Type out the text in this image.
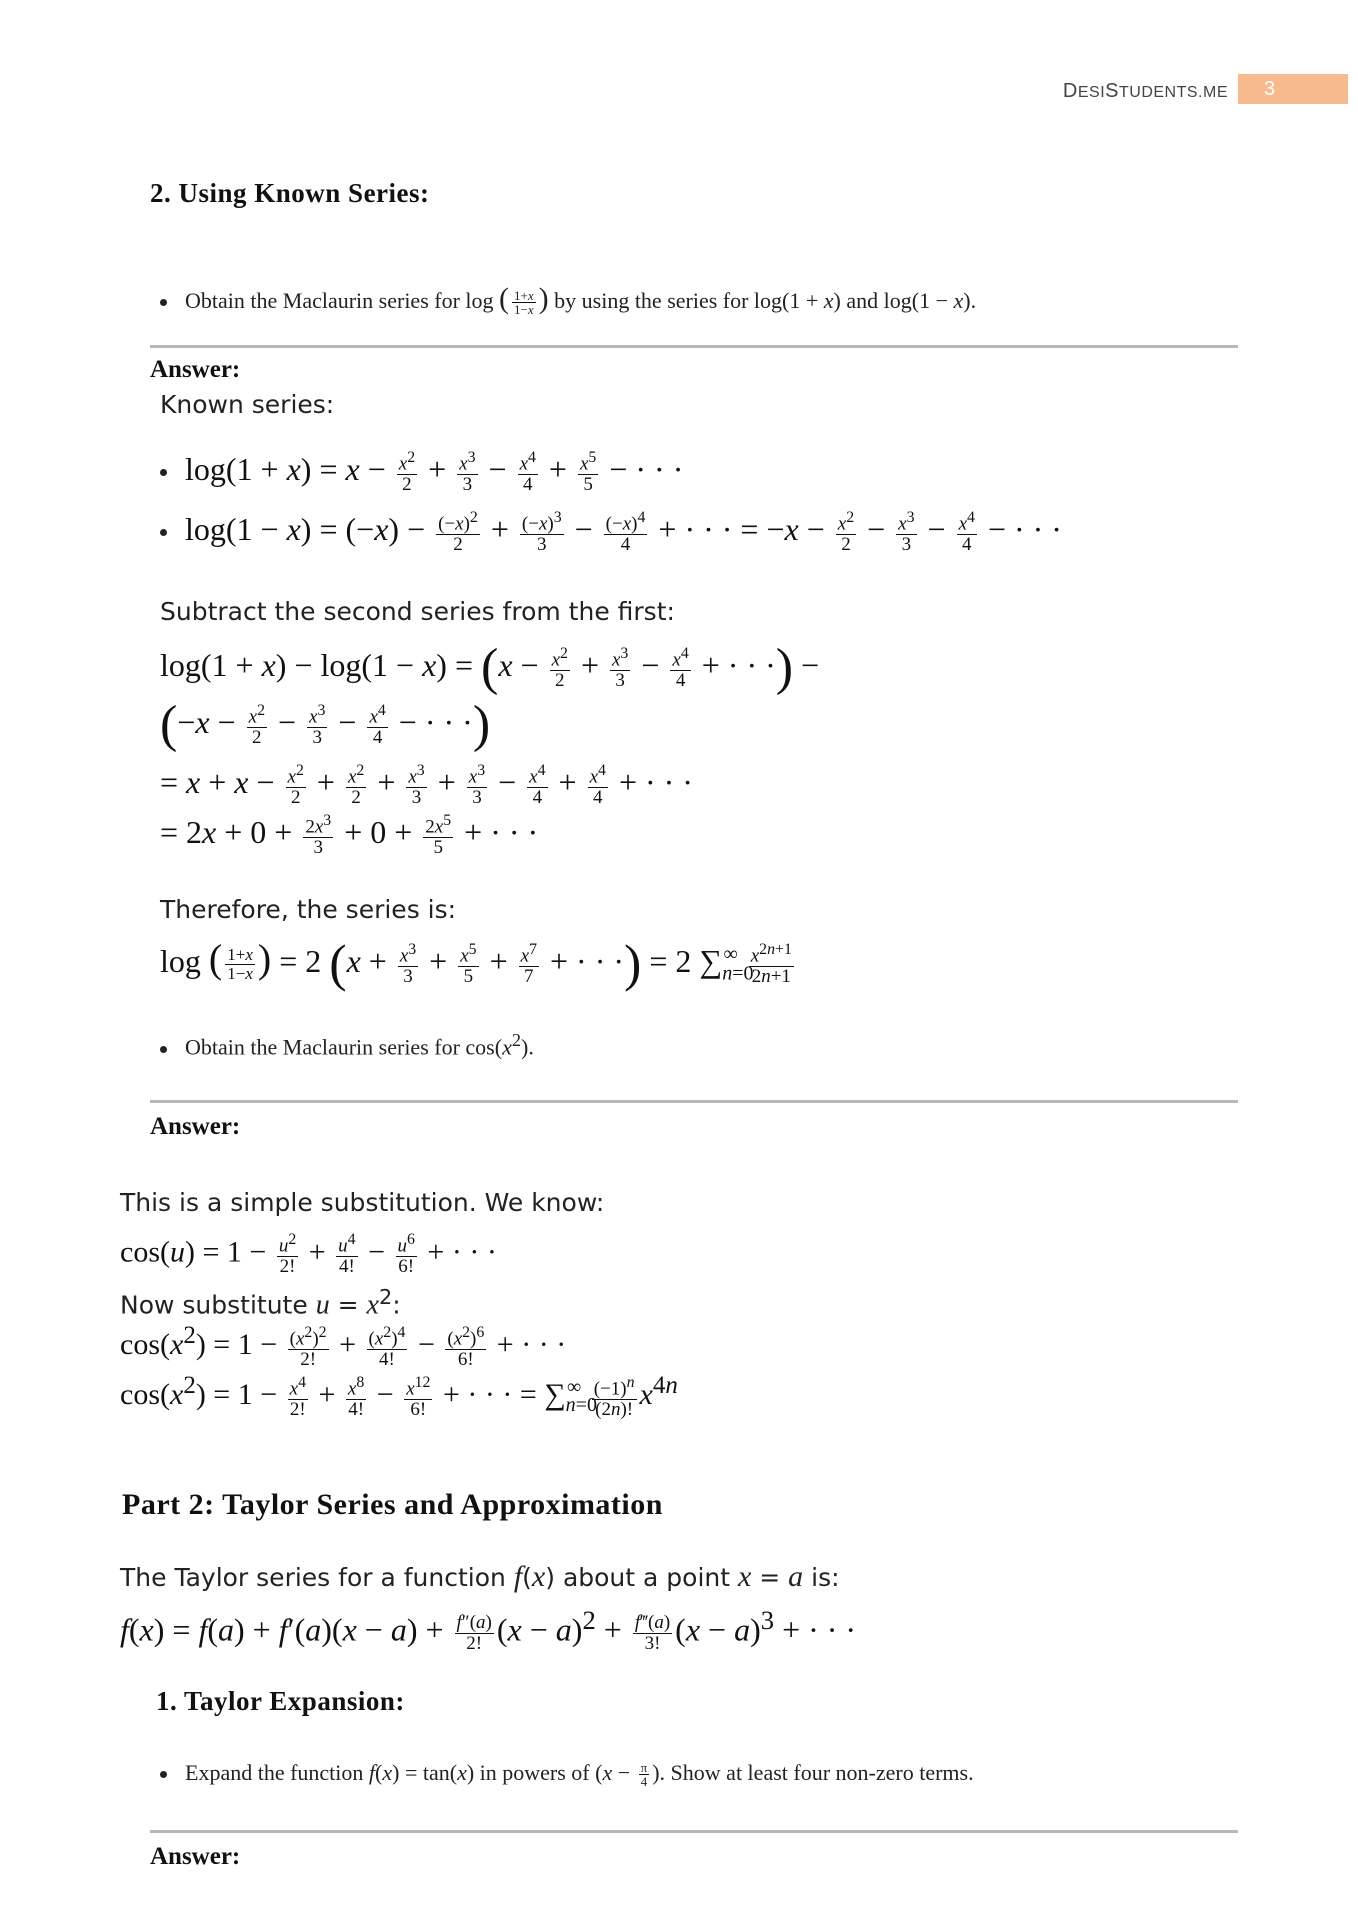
DESISTUDENTS.ME	3
2. Using Known Series:
Obtain the Maclaurin series for log ( $\frac{1+x}{1-x}$ ) by using the series for log(1 + x) and log(1 − x).
Answer:
Known series:
$\log(1 + x) = x - \frac{x^2}{2} + \frac{x^3}{3} - \frac{x^4}{4} + \frac{x^5}{5}$ − · · ·
$\log(1 - x) = (-x) - \frac{(-x)^2}{2} + \frac{(-x)^3}{3} - \frac{(-x)^4}{4}$ + · · · = $-x - \frac{x^2}{2} - \frac{x^3}{3} - \frac{x^4}{4}$ − · · ·
Subtract the second series from the first:
$\log(1 + x) - \log(1 - x) = (x - \frac{x^2}{2} + \frac{x^3}{3} - \frac{x^4}{4}$ + · · ·) −
($-x - \frac{x^2}{2} - \frac{x^3}{3} - \frac{x^4}{4}$ − · · ·)
= $x + x - \frac{x^2}{2} + \frac{x^2}{2} + \frac{x^3}{3} + \frac{x^3}{3} - \frac{x^4}{4} + \frac{x^4}{4}$ + · · ·
= $2x + 0 + \frac{2x^3}{3} + 0 + \frac{2x^5}{5}$ + · · ·
Therefore, the series is:
log ( $\frac{1+x}{1-x}$ ) = 2 ($x + \frac{x^3}{3} + \frac{x^5}{5} + \frac{x^7}{7}$ + · · ·) = 2 $\sum_{n=0}^\infty \frac{x^{2n+1}}{2n+1}$
Obtain the Maclaurin series for $\cos(x^2)$.
Answer:
This is a simple substitution. We know:
$\cos(u) = 1 - \frac{u^2}{2!} + \frac{u^4}{4!} - \frac{u^6}{6!}$ + · · ·
Now substitute $u = x^2$:
$\cos(x^2) = 1 - \frac{(x^2)^2}{2!} + \frac{(x^2)^4}{4!} - \frac{(x^2)^6}{6!}$ + · · ·
$\cos(x^2) = 1 - \frac{x^4}{2!} + \frac{x^8}{4!} - \frac{x^{12}}{6!}$ + · · · = $\sum_{n=0}^\infty \frac{(-1)^n}{(2n)!} x^{4n}$
Part 2: Taylor Series and Approximation
The Taylor series for a function f(x) about a point x = a is:
$f(x) = f(a) + f'(a)(x - a) + \frac{f''(a)}{2!} (x - a)^2 + \frac{f‴(a)}{3!} (x - a)^3$ + · · ·
1. Taylor Expansion:
Expand the function f(x) = tan(x) in powers of ($x - \frac{\pi}{4}$ ). Show at least four non-zero terms.
Answer:
